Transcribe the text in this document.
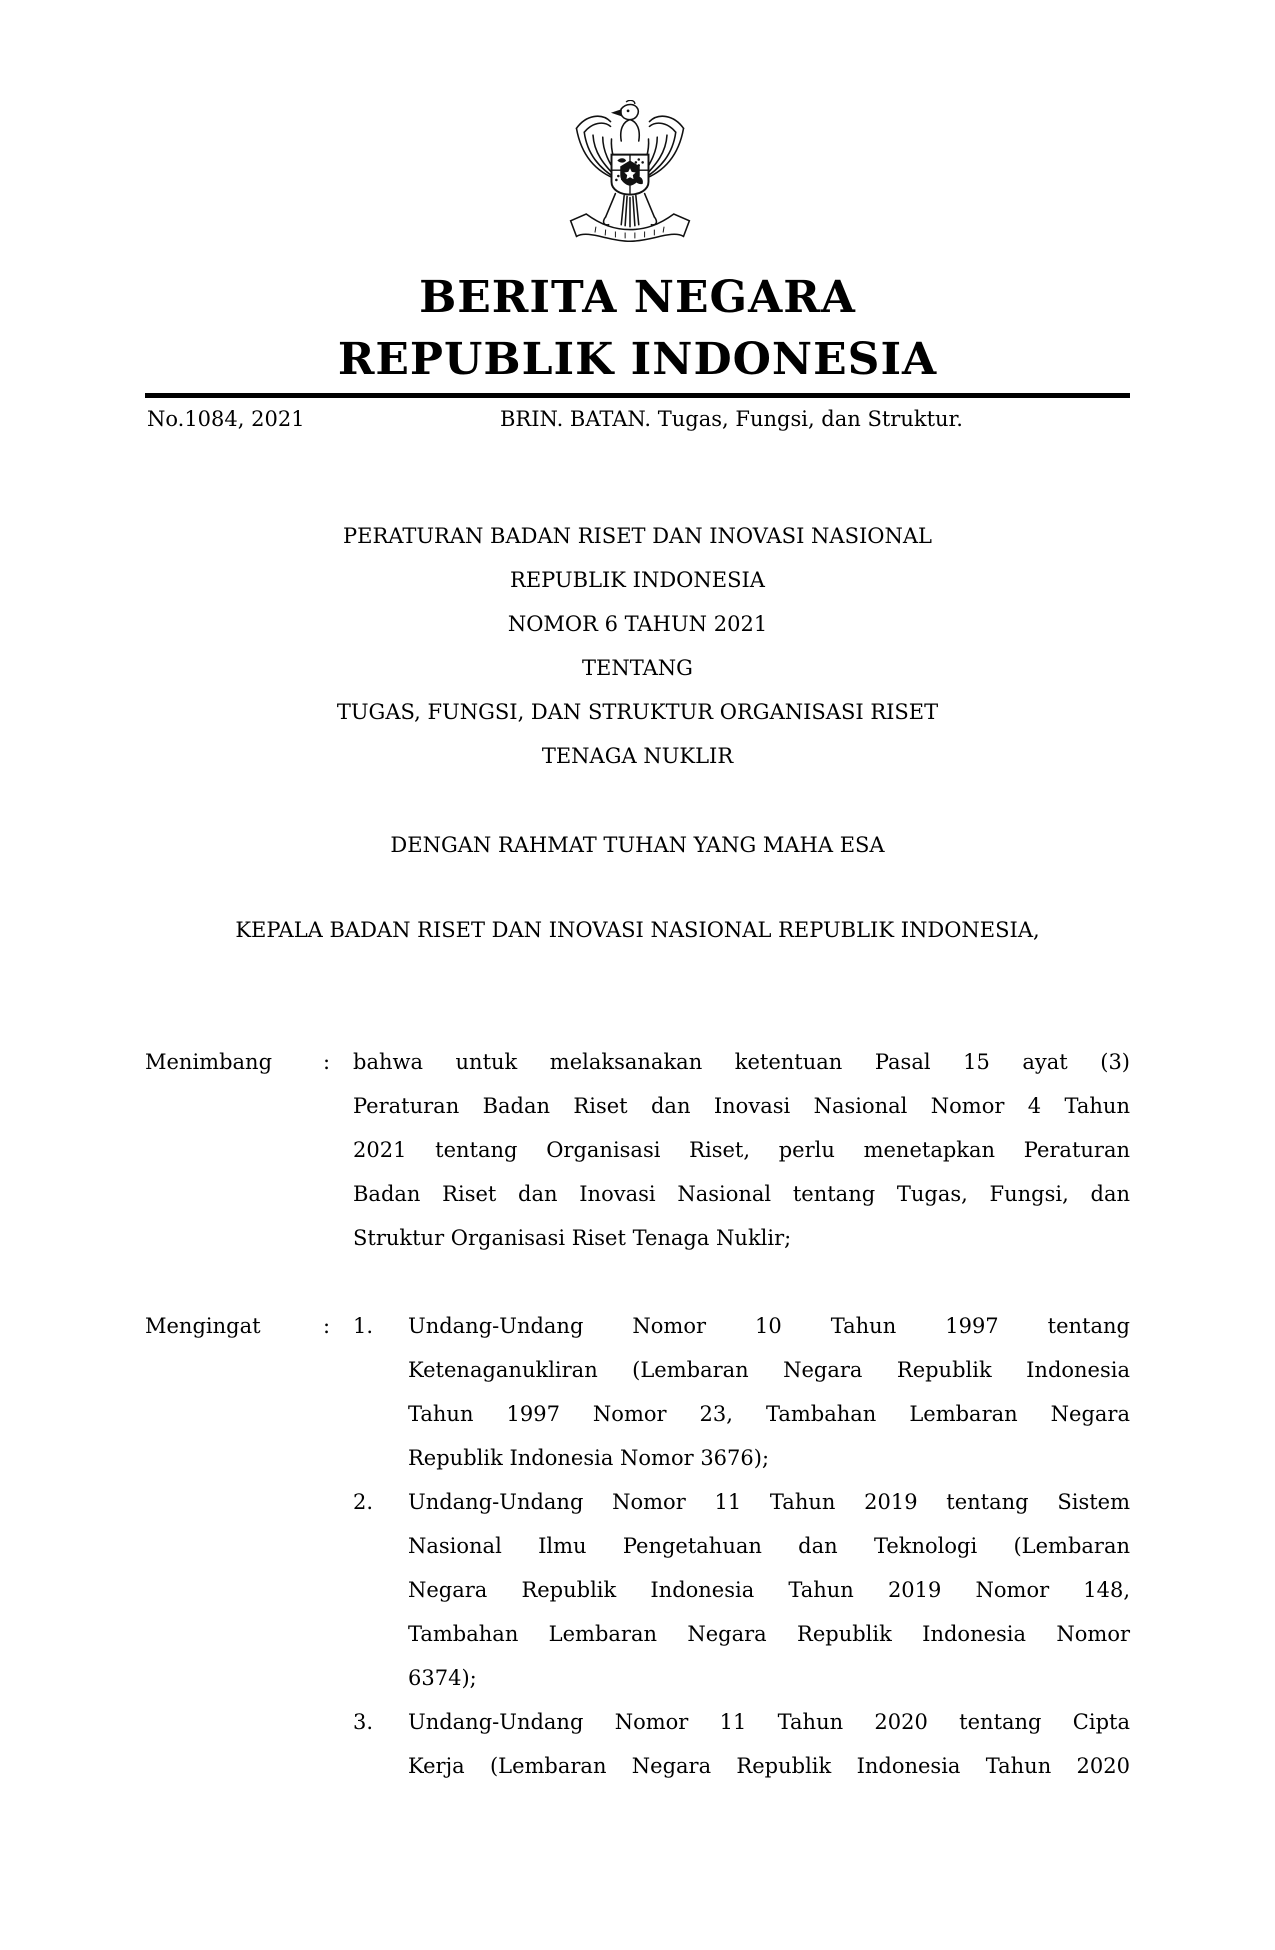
BERITA NEGARA
REPUBLIK INDONESIA
No.1084, 2021	BRIN. BATAN. Tugas, Fungsi, dan Struktur.
PERATURAN BADAN RISET DAN INOVASI NASIONAL
REPUBLIK INDONESIA
NOMOR 6 TAHUN 2021
TENTANG
TUGAS, FUNGSI, DAN STRUKTUR ORGANISASI RISET
TENAGA NUKLIR
DENGAN RAHMAT TUHAN YANG MAHA ESA
KEPALA BADAN RISET DAN INOVASI NASIONAL REPUBLIK INDONESIA,
Menimbang	:	bahwa untuk melaksanakan ketentuan Pasal 15 ayat (3)
Peraturan Badan Riset dan Inovasi Nasional Nomor 4 Tahun
2021 tentang Organisasi Riset, perlu menetapkan Peraturan
Badan Riset dan Inovasi Nasional tentang Tugas, Fungsi, dan
Struktur Organisasi Riset Tenaga Nuklir;
Mengingat	:	1.	Undang-Undang Nomor 10 Tahun 1997 tentang
Ketenaganukliran (Lembaran Negara Republik Indonesia
Tahun 1997 Nomor 23, Tambahan Lembaran Negara
Republik Indonesia Nomor 3676);
2.	Undang-Undang Nomor 11 Tahun 2019 tentang Sistem
Nasional Ilmu Pengetahuan dan Teknologi (Lembaran
Negara Republik Indonesia Tahun 2019 Nomor 148,
Tambahan Lembaran Negara Republik Indonesia Nomor
6374);
3.	Undang-Undang Nomor 11 Tahun 2020 tentang Cipta
Kerja (Lembaran Negara Republik Indonesia Tahun 2020
